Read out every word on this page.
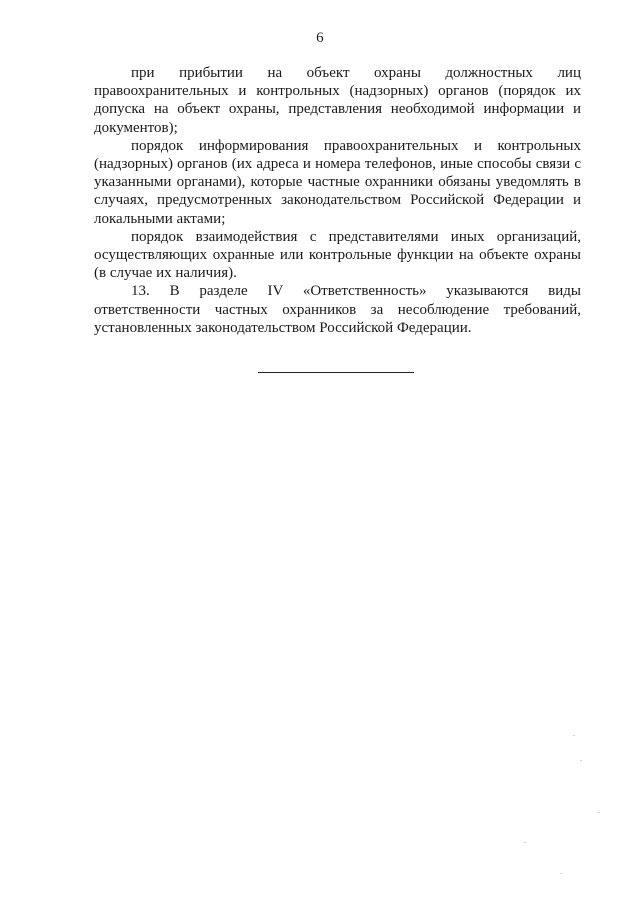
6

при прибытии на объект охраны должностных лиц правоохранительных и контрольных (надзорных) органов (порядок их допуска на объект охраны, представления необходимой информации и документов);

порядок информирования правоохранительных и контрольных (надзорных) органов (их адреса и номера телефонов, иные способы связи с указанными органами), которые частные охранники обязаны уведомлять в случаях, предусмотренных законодательством Российской Федерации и локальными актами;

порядок взаимодействия с представителями иных организаций, осуществляющих охранные или контрольные функции на объекте охраны (в случае их наличия).

13. В разделе IV «Ответственность» указываются виды ответственности частных охранников за несоблюдение требований, установленных законодательством Российской Федерации.
